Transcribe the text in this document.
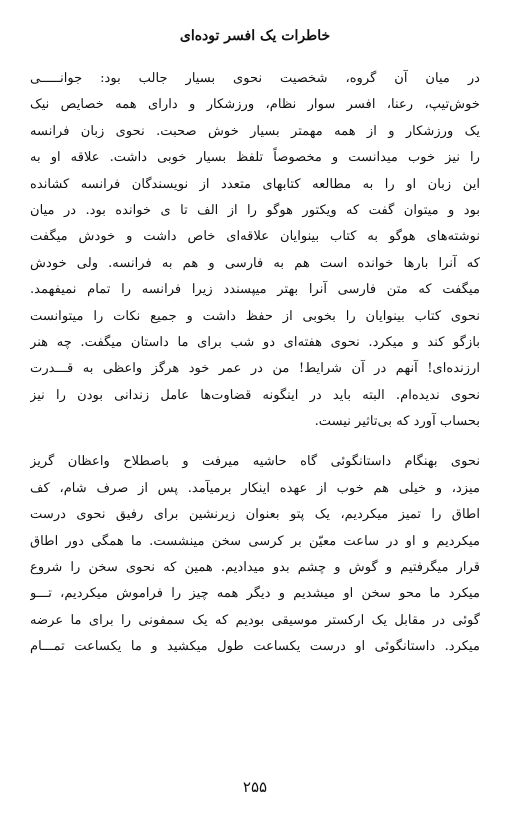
خاطرات یک افسر توده‌ای
در میان آن گروه، شخصیت نحوی بسیار جالب بود: جوانـــــی
خوش‌تیپ، رعنا، افسر سوار نظام، ورزشکار و دارای همه خصایص نیک
یک ورزشکار و از همه مهمتر بسیار خوش صحبت. نحوی زبان فرانسه
را نیز خوب میدانست و مخصوصاً تلفظ بسیار خوبی داشت. علاقه او به
این زبان او را به مطالعه کتابهای متعدد از نویسندگان فرانسه کشانده
بود و میتوان گفت که ویکتور هوگو را از الف تا ی خوانده بود. در میان
نوشته‌های هوگو به کتاب بینوایان علاقه‌ای خاص داشت و خودش میگفت
که آنرا بارها خوانده است هم به فارسی و هم به فرانسه. ولی خودش
میگفت که متن فارسی آنرا بهتر میپسندد زیرا فرانسه را تمام نمیفهمد.
نحوی کتاب بینوایان را بخوبی از حفظ داشت و جمیع نکات را میتوانست
بازگو کند و میکرد. نحوی هفته‌ای دو شب برای ما داستان میگفت. چه هنر
ارزنده‌ای! آنهم در آن شرایط! من در عمر خود هرگز واعظی به قـــدرت
نحوی ندیده‌ام. البته باید در اینگونه قضاوت‌ها عامل زندانی بودن را نیز
بحساب آورد که بی‌تاثیر نیست.
نحوی بهنگام داستانگوئی گاه حاشیه میرفت و باصطلاح واعظان گریز
میزد، و خیلی هم خوب از عهده اینکار برمیآمد. پس از صرف شام، کف
اطاق را تمیز میکردیم، یک پتو بعنوان زیرنشین برای رفیق نحوی درست
میکردیم و او در ساعت معیّن بر کرسی سخن مینشست. ما همگی دور اطاق
قرار میگرفتیم و گوش و چشم بدو میدادیم. همین که نحوی سخن را شروع
میکرد ما محو سخن او میشدیم و دیگر همه چیز را فراموش میکردیم، تـــو
گوئی در مقابل یک ارکستر موسیقی بودیم که یک سمفونی را برای ما عرضه
میکرد. داستانگوئی او درست یکساعت طول میکشید و ما یکساعت تمـــام
۲۵۵
